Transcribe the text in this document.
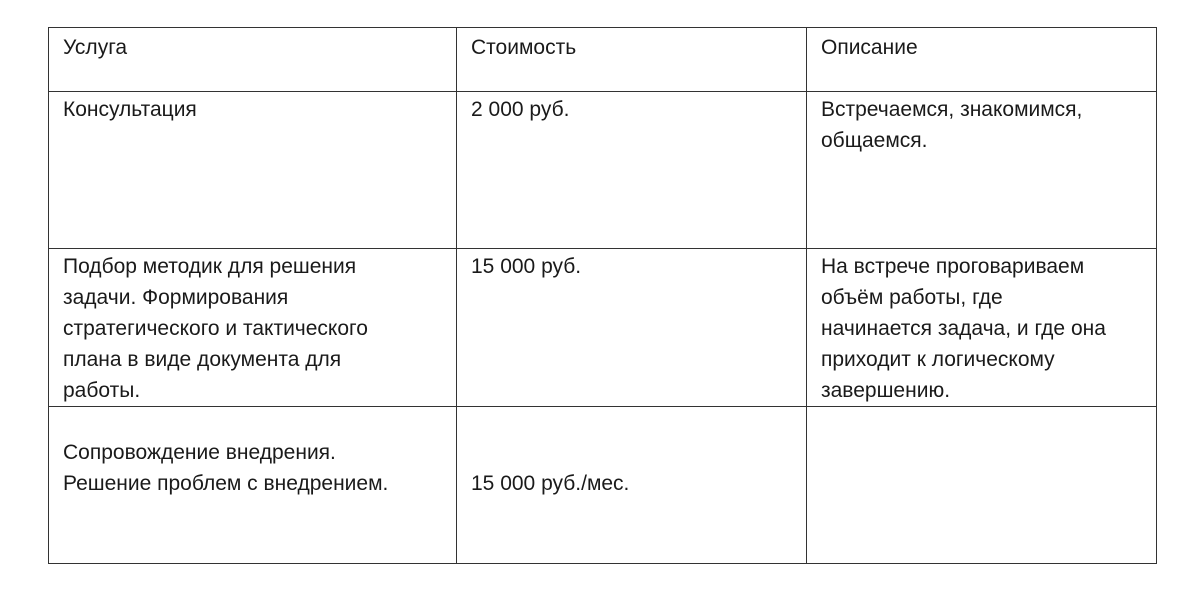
Услуга	Стоимость	Описание

Консультация	2 000 руб.	Встречаемся, знакомимся,
общаемся.

Подбор методик для решения
задачи. Формирования
стратегического и тактического
плана в виде документа для
работы.	15 000 руб.	На встрече проговариваем
объём работы, где
начинается задача, и где она
приходит к логическому
завершению.

Сопровождение внедрения.
Решение проблем с внедрением.	15 000 руб./мес.	
